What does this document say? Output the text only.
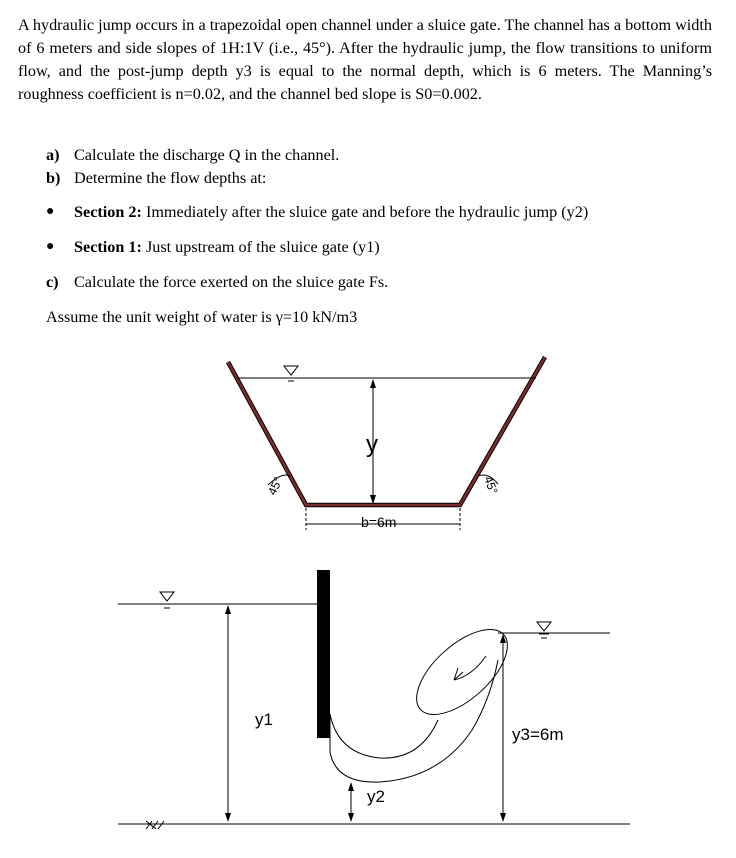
A hydraulic jump occurs in a trapezoidal open channel under a sluice gate. The channel has a bottom width of 6 meters and side slopes of 1H:1V (i.e., 45°). After the hydraulic jump, the flow transitions to uniform flow, and the post-jump depth y3 is equal to the normal depth, which is 6 meters. The Manning’s roughness coefficient is n=0.02, and the channel bed slope is S0=0.002.

a) Calculate the discharge Q in the channel.
b) Determine the flow depths at:
● Section 2: Immediately after the sluice gate and before the hydraulic jump (y2)
● Section 1: Just upstream of the sluice gate (y1)
c) Calculate the force exerted on the sluice gate Fs.
Assume the unit weight of water is γ=10 kN/m3
y
b=6m
45°	45°
y1
y2
y3=6m
